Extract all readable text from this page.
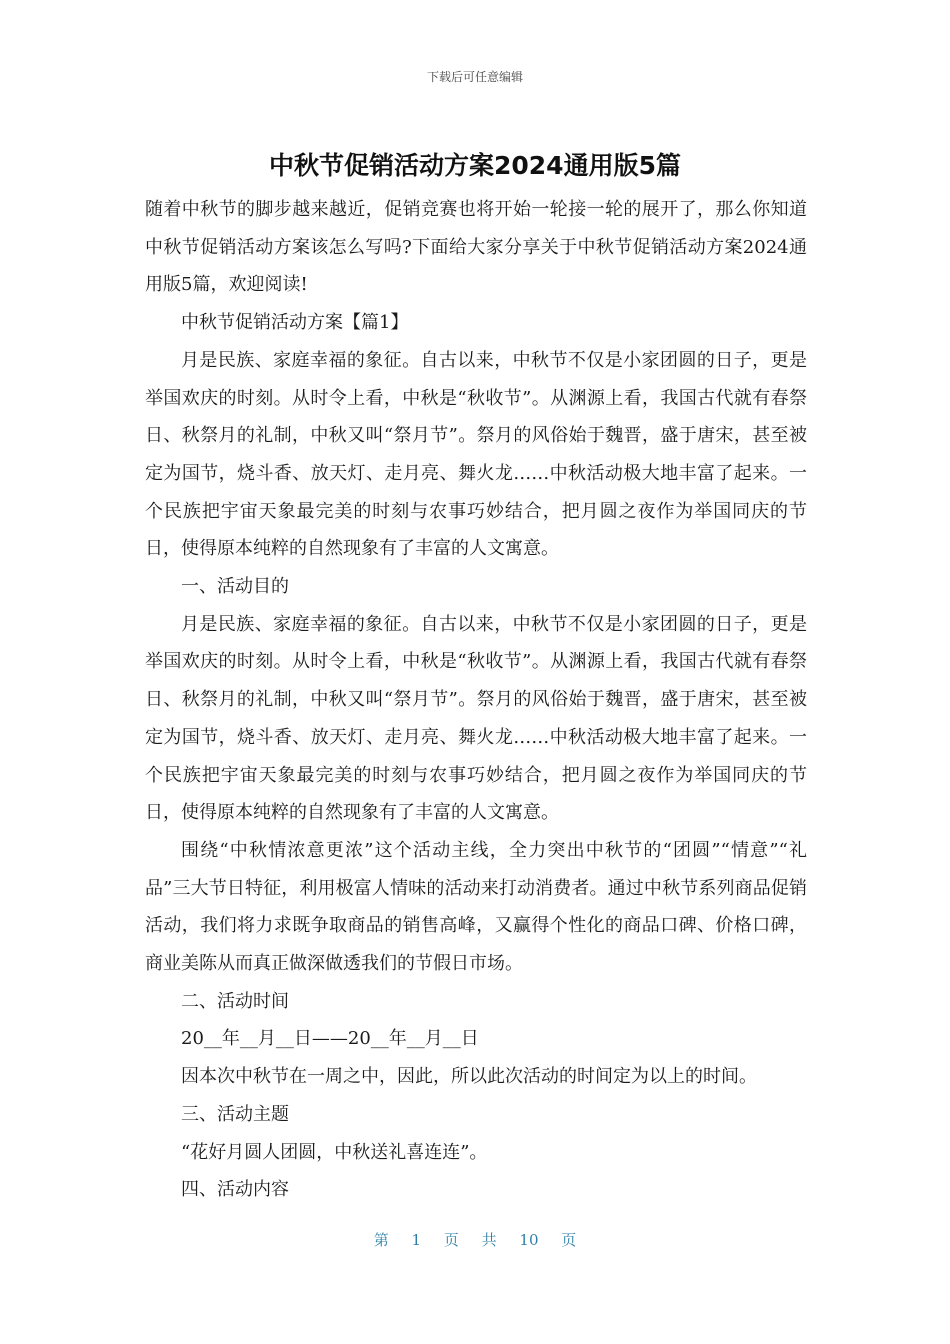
下载后可任意编辑
中秋节促销活动方案2024通用版5篇

随着中秋节的脚步越来越近，促销竞赛也将开始一轮接一轮的展开了，那么你知道中秋节促销活动方案该怎么写吗?下面给大家分享关于中秋节促销活动方案2024通用版5篇，欢迎阅读!

中秋节促销活动方案【篇1】

月是民族、家庭幸福的象征。自古以来，中秋节不仅是小家团圆的日子，更是举国欢庆的时刻。从时令上看，中秋是“秋收节”。从渊源上看，我国古代就有春祭日、秋祭月的礼制，中秋又叫“祭月节”。祭月的风俗始于魏晋，盛于唐宋，甚至被定为国节，烧斗香、放天灯、走月亮、舞火龙……中秋活动极大地丰富了起来。一个民族把宇宙天象最完美的时刻与农事巧妙结合，把月圆之夜作为举国同庆的节日，使得原本纯粹的自然现象有了丰富的人文寓意。

一、活动目的

月是民族、家庭幸福的象征。自古以来，中秋节不仅是小家团圆的日子，更是举国欢庆的时刻。从时令上看，中秋是“秋收节”。从渊源上看，我国古代就有春祭日、秋祭月的礼制，中秋又叫“祭月节”。祭月的风俗始于魏晋，盛于唐宋，甚至被定为国节，烧斗香、放天灯、走月亮、舞火龙……中秋活动极大地丰富了起来。一个民族把宇宙天象最完美的时刻与农事巧妙结合，把月圆之夜作为举国同庆的节日，使得原本纯粹的自然现象有了丰富的人文寓意。

围绕“中秋情浓意更浓”这个活动主线，全力突出中秋节的“团圆”“情意”“礼品”三大节日特征，利用极富人情味的活动来打动消费者。通过中秋节系列商品促销活动，我们将力求既争取商品的销售高峰，又赢得个性化的商品口碑、价格口碑，商业美陈从而真正做深做透我们的节假日市场。

二、活动时间

20__年__月__日——20__年__月__日

因本次中秋节在一周之中，因此，所以此次活动的时间定为以上的时间。

三、活动主题

“花好月圆人团圆，中秋送礼喜连连”。

四、活动内容

第 1 页 共 10 页
